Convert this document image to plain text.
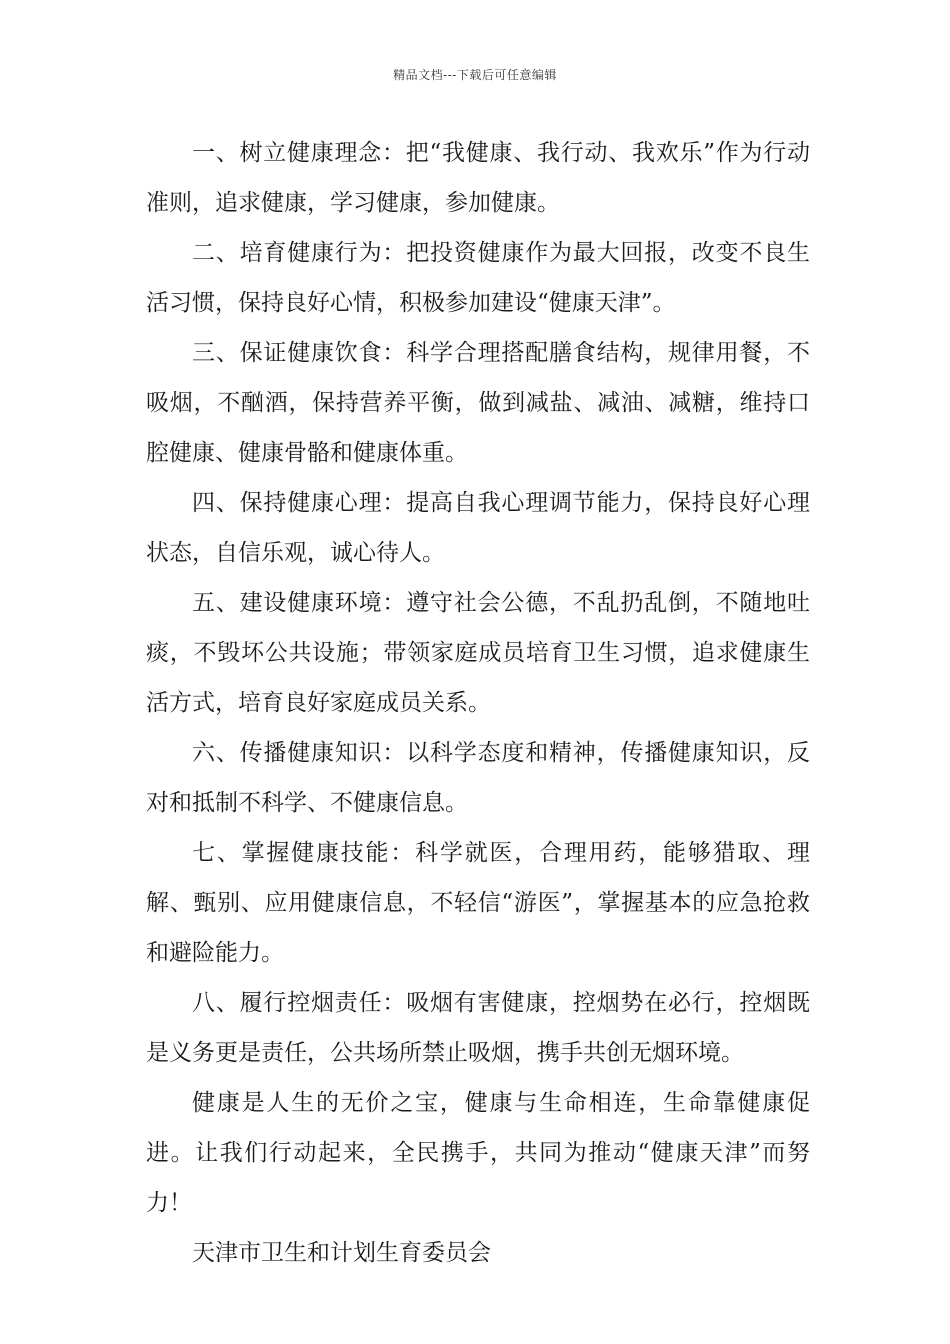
精品文档---下载后可任意编辑

一、树立健康理念：把“我健康、我行动、我欢乐”作为行动准则，追求健康，学习健康，参加健康。

二、培育健康行为：把投资健康作为最大回报，改变不良生活习惯，保持良好心情，积极参加建设“健康天津”。

三、保证健康饮食：科学合理搭配膳食结构，规律用餐，不吸烟，不酗酒，保持营养平衡，做到减盐、减油、减糖，维持口腔健康、健康骨骼和健康体重。

四、保持健康心理：提高自我心理调节能力，保持良好心理状态，自信乐观，诚心待人。

五、建设健康环境：遵守社会公德，不乱扔乱倒，不随地吐痰，不毁坏公共设施；带领家庭成员培育卫生习惯，追求健康生活方式，培育良好家庭成员关系。

六、传播健康知识：以科学态度和精神，传播健康知识，反对和抵制不科学、不健康信息。

七、掌握健康技能：科学就医，合理用药，能够猎取、理解、甄别、应用健康信息，不轻信“游医”，掌握基本的应急抢救和避险能力。

八、履行控烟责任：吸烟有害健康，控烟势在必行，控烟既是义务更是责任，公共场所禁止吸烟，携手共创无烟环境。

健康是人生的无价之宝，健康与生命相连，生命靠健康促进。让我们行动起来，全民携手，共同为推动“健康天津”而努力！

天津市卫生和计划生育委员会
